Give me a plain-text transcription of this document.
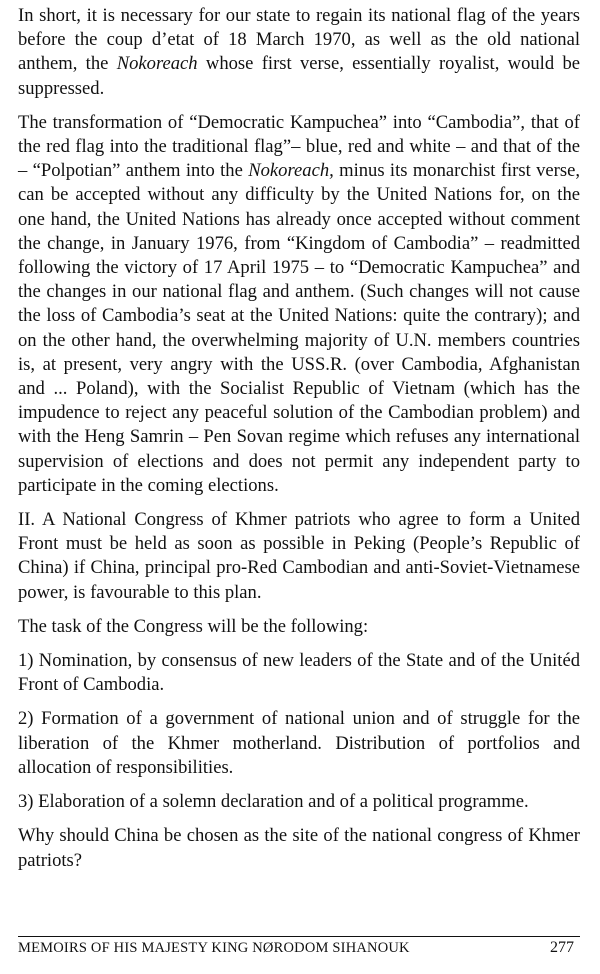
In short, it is necessary for our state to regain its national flag of the years before the coup d’etat of 18 March 1970, as well as the old national anthem, the Nokoreach whose first verse, essentially royalist, would be suppressed.

The transformation of “Democratic Kampuchea” into “Cambodia”, that of the red flag into the traditional flag”– blue, red and white – and that of the – “Polpotian” anthem into the Nokoreach, minus its monarchist first verse, can be accepted without any difficulty by the United Nations for, on the one hand, the United Nations has already once accepted without comment the change, in January 1976, from “Kingdom of Cambodia” – readmitted following the victory of 17 April 1975 – to “Democratic Kampuchea” and the changes in our national flag and anthem. (Such changes will not cause the loss of Cambodia’s seat at the United Nations: quite the contrary); and on the other hand, the overwhelming majority of U.N. members countries is, at present, very angry with the USS.R. (over Cambodia, Afghanistan and ... Poland), with the Socialist Republic of Vietnam (which has the impudence to reject any peaceful solution of the Cambodian problem) and with the Heng Samrin – Pen Sovan regime which refuses any international supervision of elections and does not permit any independent party to participate in the coming elections.

II. A National Congress of Khmer patriots who agree to form a United Front must be held as soon as possible in Peking (People’s Republic of China) if China, principal pro-Red Cambodian and anti-Soviet-Vietnamese power, is favourable to this plan.

The task of the Congress will be the following:

1) Nomination, by consensus of new leaders of the State and of the Unitéd Front of Cambodia.

2) Formation of a government of national union and of struggle for the liberation of the Khmer motherland. Distribution of portfolios and allocation of responsibilities.

3) Elaboration of a solemn declaration and of a political programme.

Why should China be chosen as the site of the national congress of Khmer patriots?

MEMOIRS OF HIS MAJESTY KING NØRODOM SIHANOUK	277
